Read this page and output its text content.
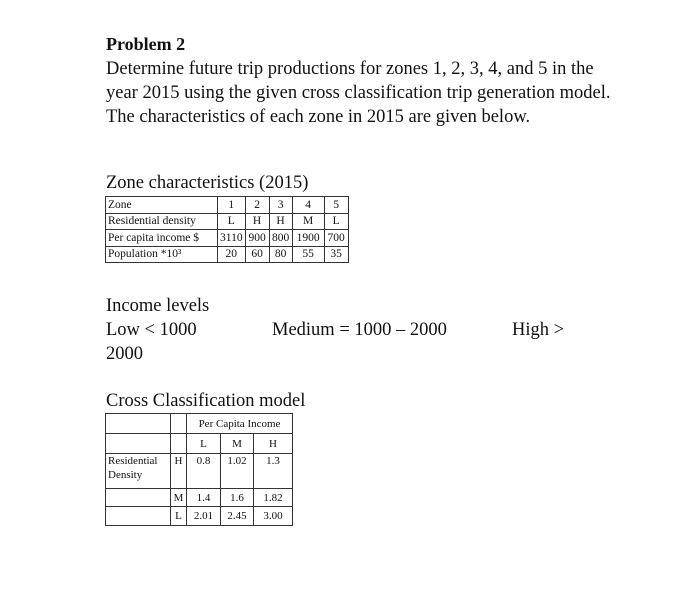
Problem 2
Determine future trip productions for zones 1, 2, 3, 4, and 5 in the year 2015 using the given cross classification trip generation model. The characteristics of each zone in 2015 are given below.
Zone characteristics (2015)
Zone	1	2	3	4	5
Residential density	L	H	H	M	L
Per capita income $	3110	900	800	1900	700
Population *10³	20	60	80	55	35
Income levels
Low < 1000	Medium = 1000 – 2000	High >
2000
Cross Classification model
		Per Capita Income		
		L	M	H
Residential Density	H	0.8	1.02	1.3
	M	1.4	1.6	1.82
	L	2.01	2.45	3.00
